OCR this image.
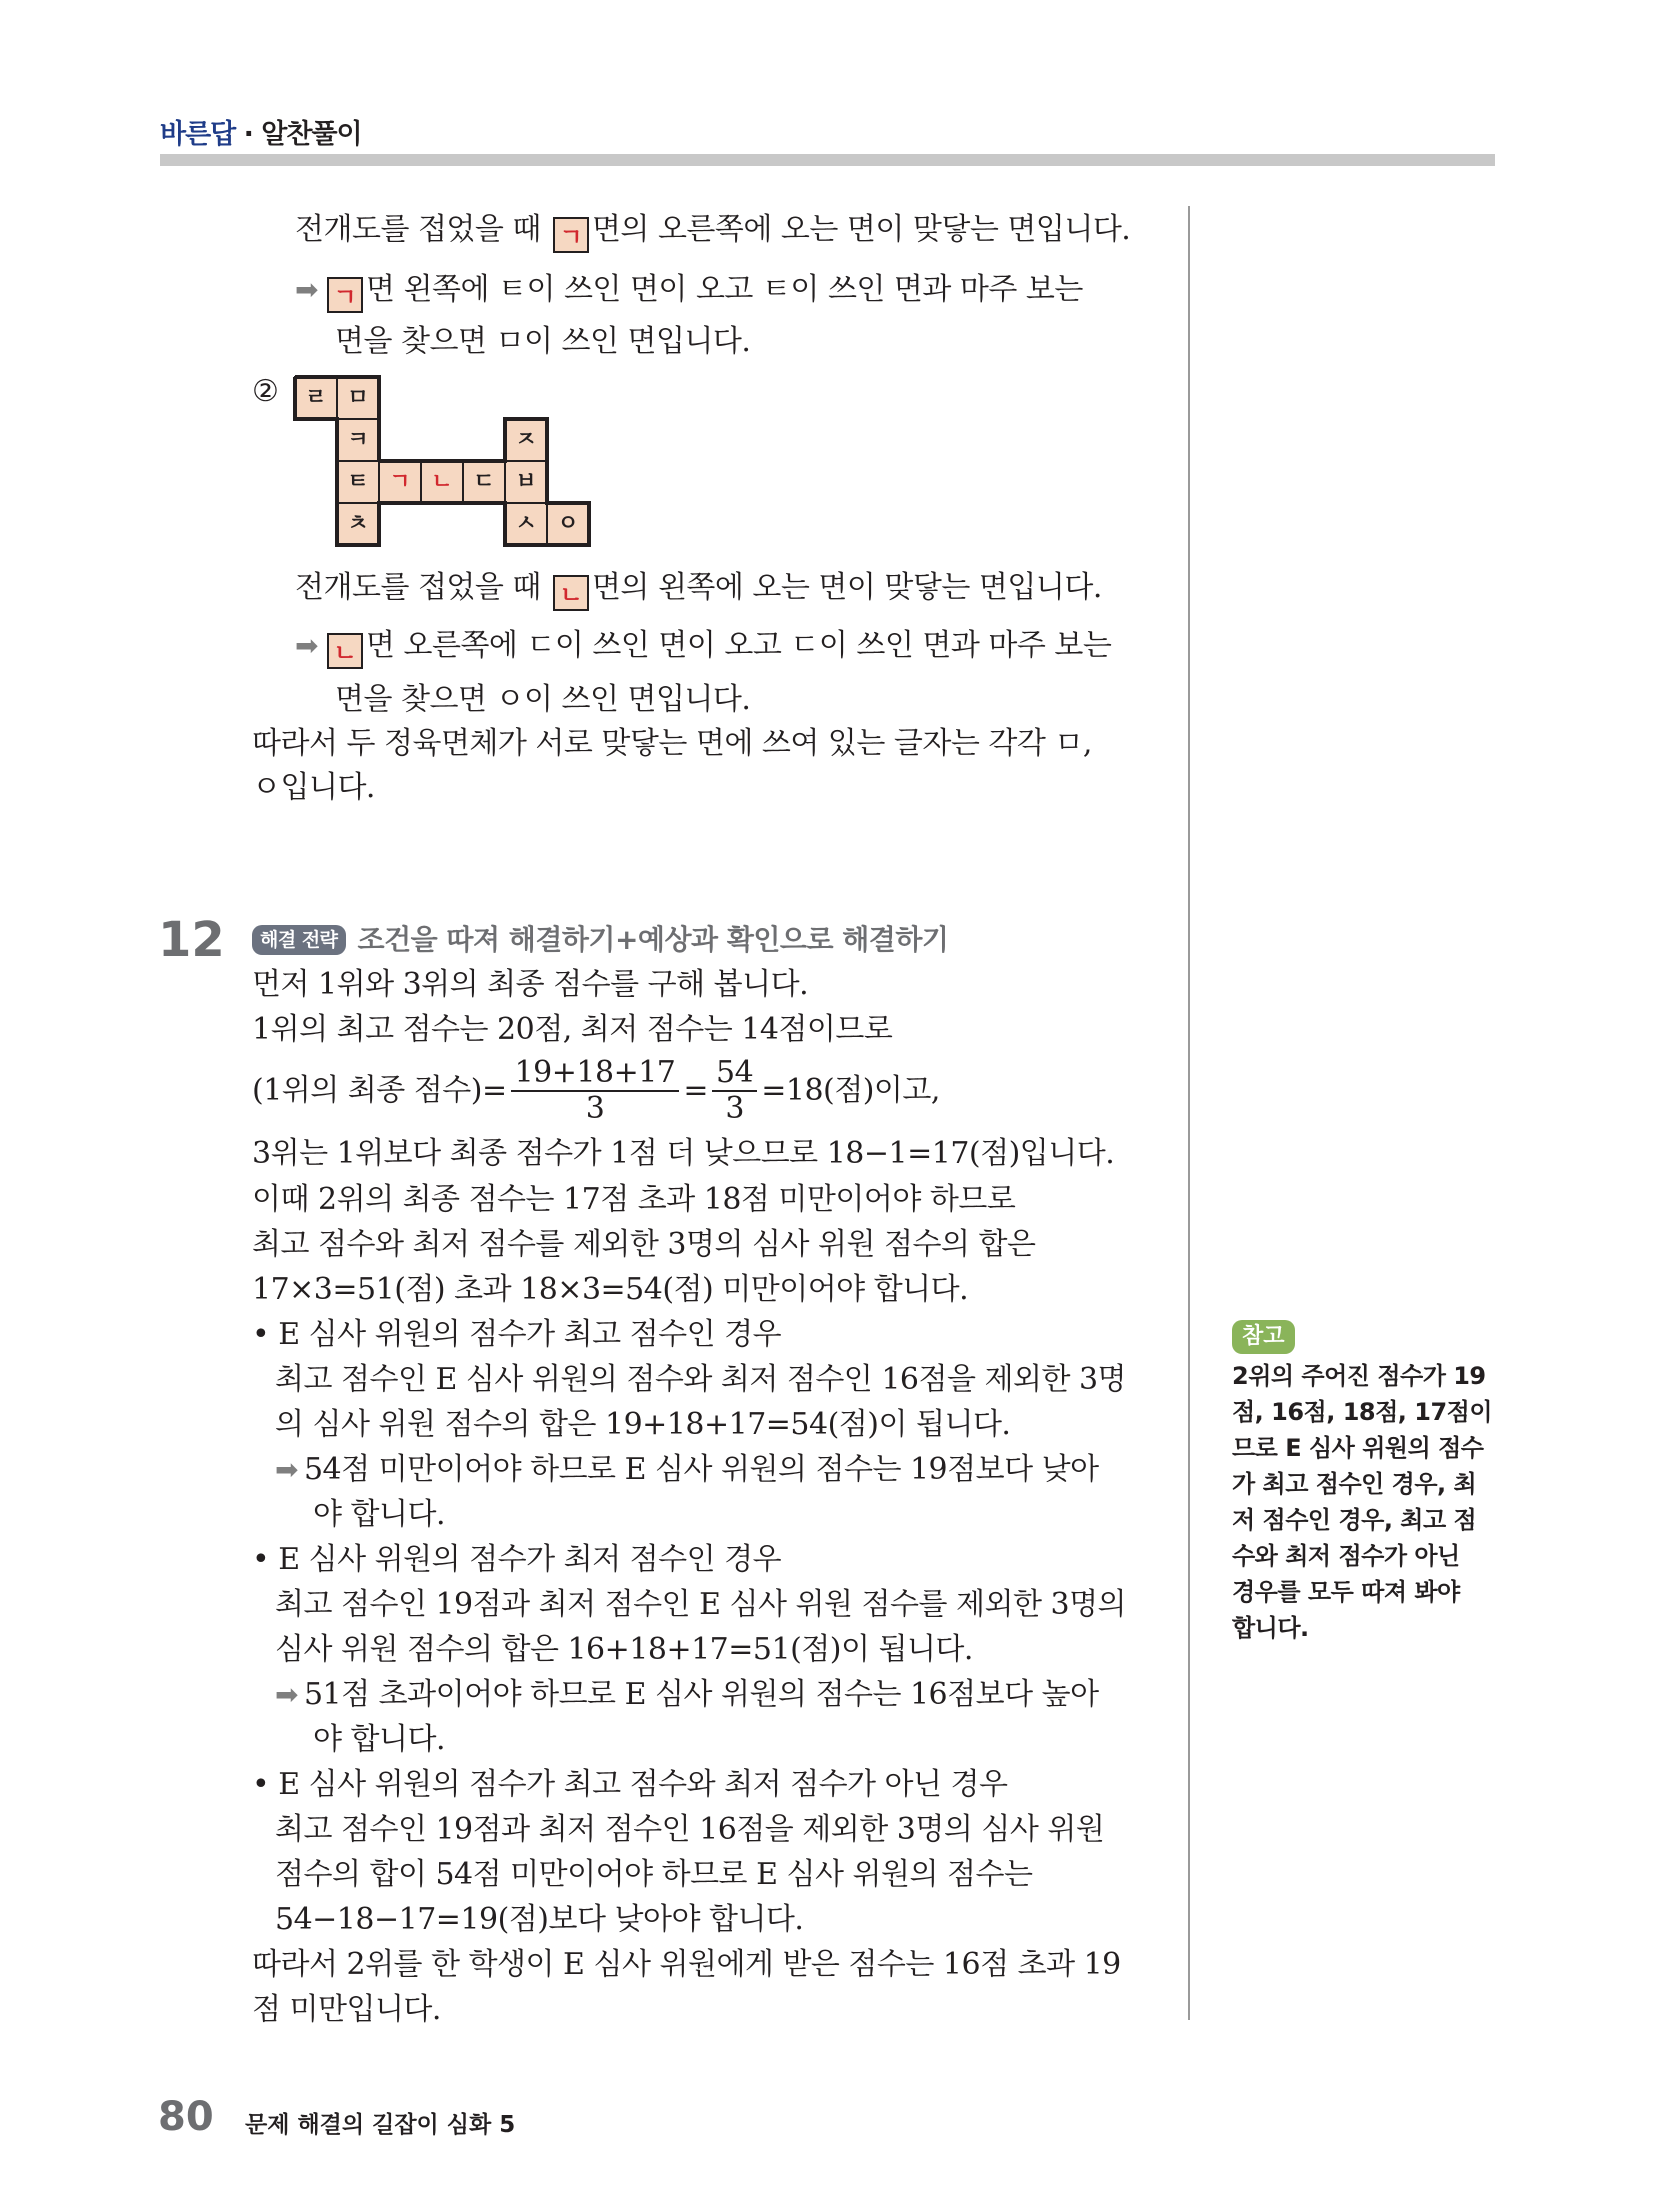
바른답 · 알찬풀이
전개도를 접었을 때 ㄱ 면의 오른쪽에 오는 면이 맞닿는 면입니다.
➡ ㄱ 면 왼쪽에 ㅌ이 쓰인 면이 오고 ㅌ이 쓰인 면과 마주 보는
면을 찾으면 ㅁ이 쓰인 면입니다.
② ㄹ ㅁ
ㅋ	ㅈ
ㅌ ㄱ ㄴ ㄷ ㅂ
ㅊ	ㅅ ㅇ
전개도를 접었을 때 ㄴ 면의 왼쪽에 오는 면이 맞닿는 면입니다.
➡ ㄴ 면 오른쪽에 ㄷ이 쓰인 면이 오고 ㄷ이 쓰인 면과 마주 보는
면을 찾으면 ㅇ이 쓰인 면입니다.
따라서 두 정육면체가 서로 맞닿는 면에 쓰여 있는 글자는 각각 ㅁ,
ㅇ입니다.
12	해결 전략 조건을 따져 해결하기+예상과 확인으로 해결하기
먼저 1위와 3위의 최종 점수를 구해 봅니다.
1위의 최고 점수는 20점, 최저 점수는 14점이므로
(1위의 최종 점수)= $\frac{19+18+17}{3} = \frac{54}{3} =18$(점)이고,
3위는 1위보다 최종 점수가 1점 더 낮으므로 18−1=17(점)입니다.
이때 2위의 최종 점수는 17점 초과 18점 미만이어야 하므로
최고 점수와 최저 점수를 제외한 3명의 심사 위원 점수의 합은
17×3=51(점) 초과 18×3=54(점) 미만이어야 합니다.
• E 심사 위원의 점수가 최고 점수인 경우
최고 점수인 E 심사 위원의 점수와 최저 점수인 16점을 제외한 3명
의 심사 위원 점수의 합은 19+18+17=54(점)이 됩니다.
➡ 54점 미만이어야 하므로 E 심사 위원의 점수는 19점보다 낮아
야 합니다.
• E 심사 위원의 점수가 최저 점수인 경우
최고 점수인 19점과 최저 점수인 E 심사 위원 점수를 제외한 3명의
심사 위원 점수의 합은 16+18+17=51(점)이 됩니다.
➡ 51점 초과이어야 하므로 E 심사 위원의 점수는 16점보다 높아
야 합니다.
• E 심사 위원의 점수가 최고 점수와 최저 점수가 아닌 경우
최고 점수인 19점과 최저 점수인 16점을 제외한 3명의 심사 위원
점수의 합이 54점 미만이어야 하므로 E 심사 위원의 점수는
54−18−17=19(점)보다 낮아야 합니다.
따라서 2위를 한 학생이 E 심사 위원에게 받은 점수는 16점 초과 19
점 미만입니다.
참고
2위의 주어진 점수가 19
점, 16점, 18점, 17점이
므로 E 심사 위원의 점수
가 최고 점수인 경우, 최
저 점수인 경우, 최고 점
수와 최저 점수가 아닌
경우를 모두 따져 봐야
합니다.
80 문제 해결의 길잡이 심화 5
